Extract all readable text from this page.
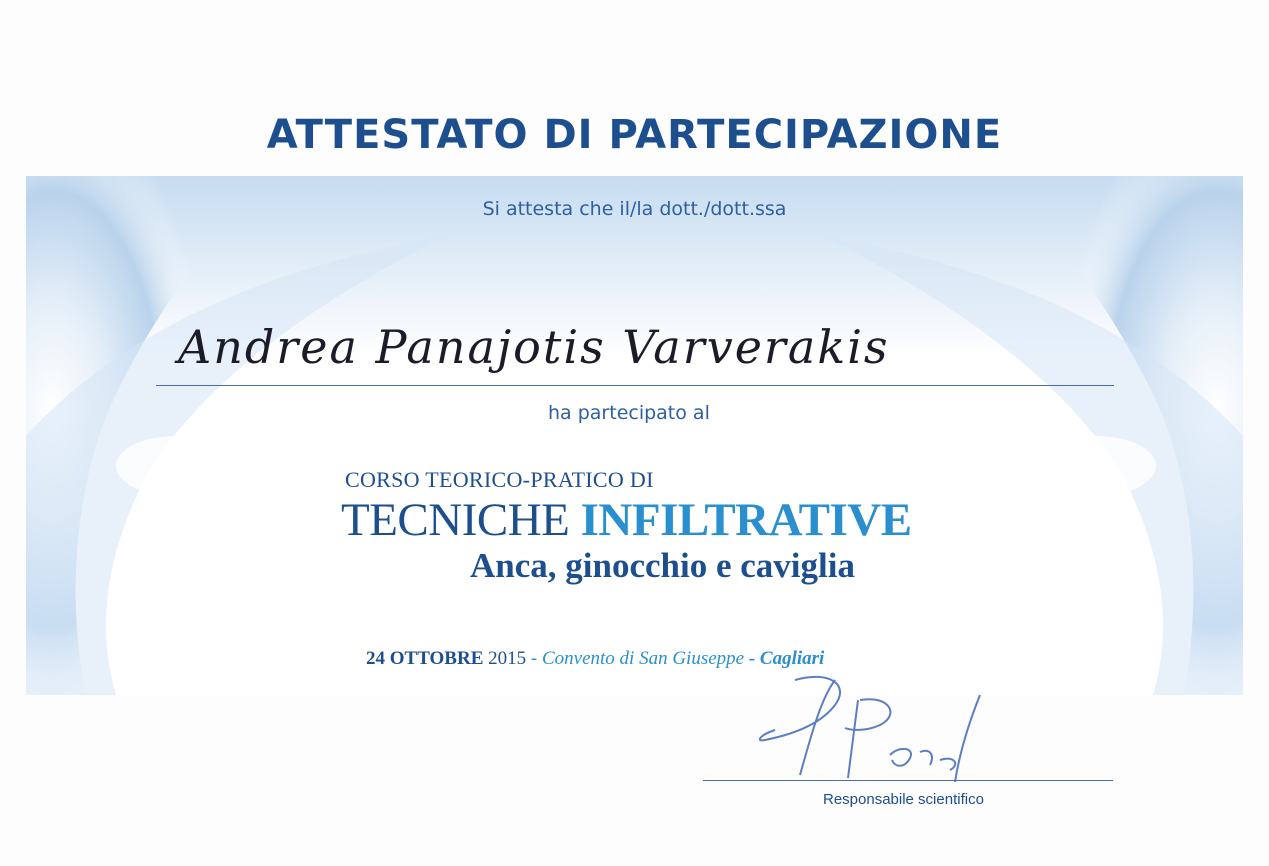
ATTESTATO DI PARTECIPAZIONE
Si attesta che il/la dott./dott.ssa
Andrea Panajotis Varverakis
ha partecipato al
CORSO TEORICO-PRATICO DI
TECNICHE INFILTRATIVE
Anca, ginocchio e caviglia
24 OTTOBRE 2015 - Convento di San Giuseppe - Cagliari
Responsabile scientifico
